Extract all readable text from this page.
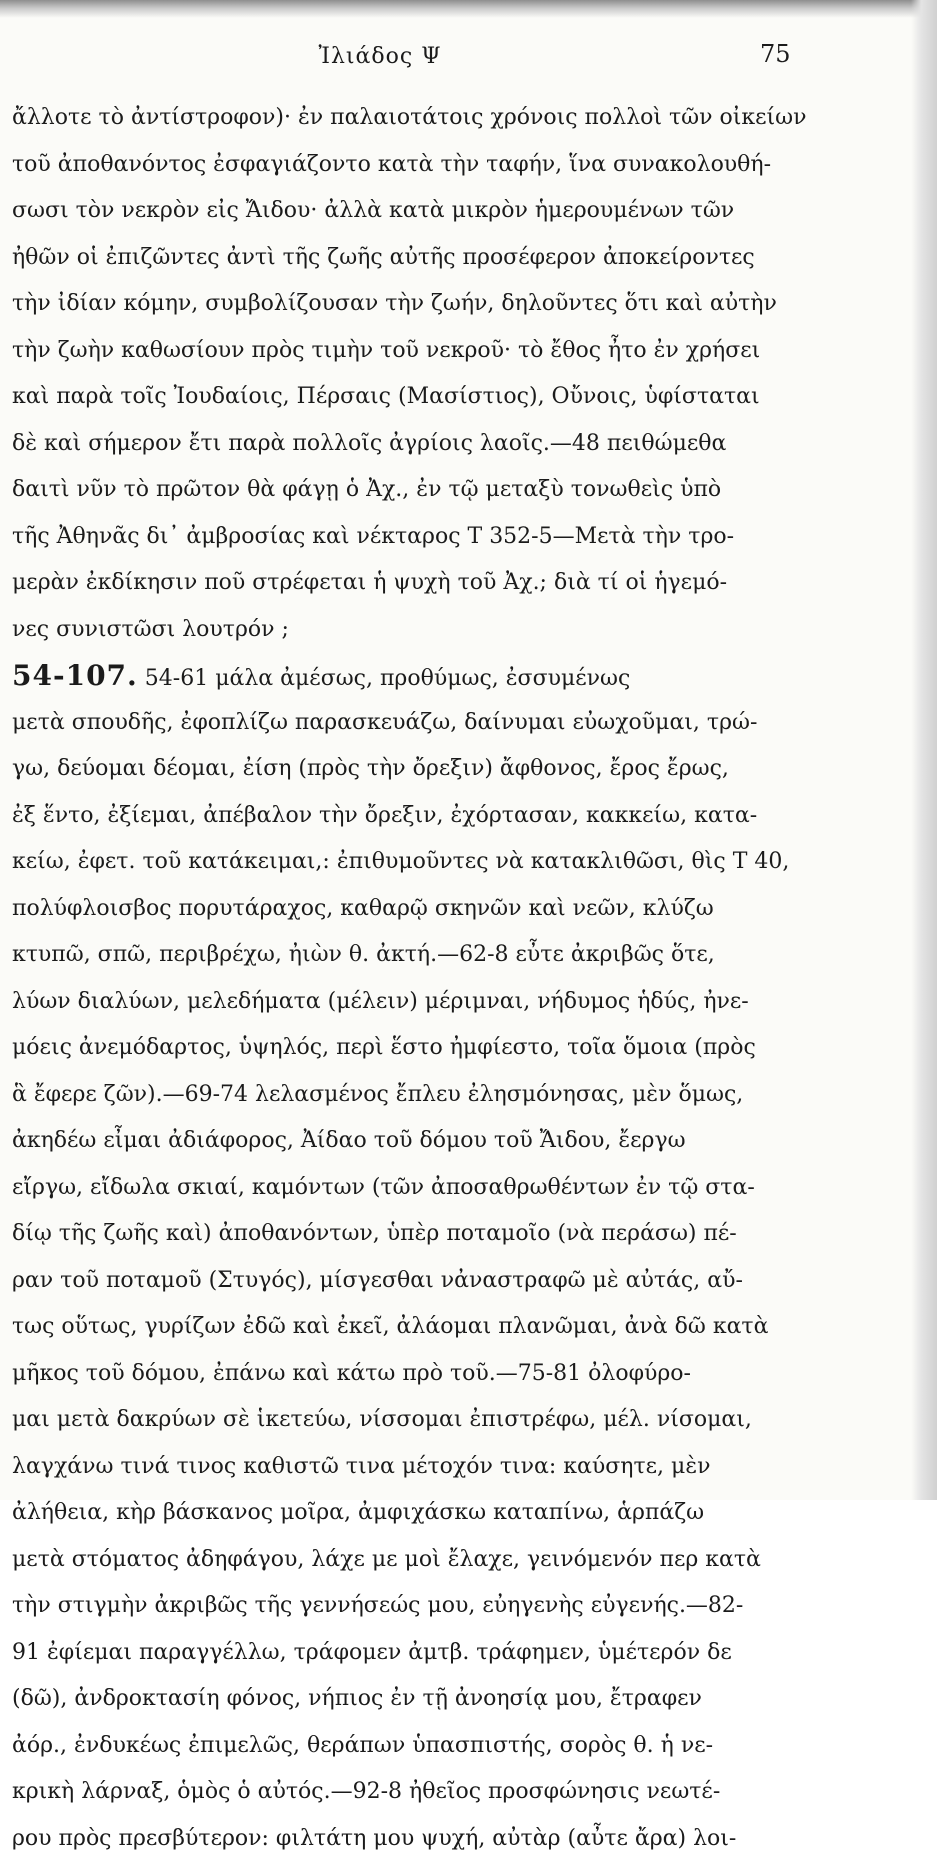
Ἰλιάδος Ψ	75
ἄλλοτε τὸ ἀντίστροφον)· ἐν παλαιοτάτοις χρόνοις πολλοὶ τῶν οἰκείων
τοῦ ἀποθανόντος ἐσφαγιάζοντο κατὰ τὴν ταφήν, ἵνα συνακολουθή-
σωσι τὸν νεκρὸν εἰς Ἄιδου· ἀλλὰ κατὰ μικρὸν ἡμερουμένων τῶν
ἠθῶν οἱ ἐπιζῶντες ἀντὶ τῆς ζωῆς αὐτῆς προσέφερον ἀποκείροντες
τὴν ἰδίαν κόμην, συμβολίζουσαν τὴν ζωήν, δηλοῦντες ὅτι καὶ αὐτὴν
τὴν ζωὴν καθωσίουν πρὸς τιμὴν τοῦ νεκροῦ· τὸ ἔθος ἦτο ἐν χρήσει
καὶ παρὰ τοῖς Ἰουδαίοις, Πέρσαις (Μασίστιος), Οὔνοις, ὑφίσταται
δὲ καὶ σήμερον ἔτι παρὰ πολλοῖς ἀγρίοις λαοῖς.—48 πειθώμεθα
δαιτὶ νῦν τὸ πρῶτον θὰ φάγῃ ὁ Ἀχ., ἐν τῷ μεταξὺ τονωθεὶς ὑπὸ
τῆς Ἀθηνᾶς δι᾽ ἀμβροσίας καὶ νέκταρος Τ 352-5—Μετὰ τὴν τρο-
μερὰν ἐκδίκησιν ποῦ στρέφεται ἡ ψυχὴ τοῦ Ἀχ.; διὰ τί οἱ ἡγεμό-
νες συνιστῶσι λουτρόν ;
54-107. 54-61 μάλα ἀμέσως, προθύμως, ἐσσυμένως
μετὰ σπουδῆς, ἐφοπλίζω παρασκευάζω, δαίνυμαι εὐωχοῦμαι, τρώ-
γω, δεύομαι δέομαι, ἐίση (πρὸς τὴν ὄρεξιν) ἄφθονος, ἔρος ἔρως,
ἐξ ἕντο, ἐξίεμαι, ἀπέβαλον τὴν ὄρεξιν, ἐχόρτασαν, κακκείω, κατα-
κείω, ἐφετ. τοῦ κατάκειμαι,: ἐπιθυμοῦντες νὰ κατακλιθῶσι, θὶς Τ 40,
πολύφλοισβος πορυτάραχος, καθαρῷ σκηνῶν καὶ νεῶν, κλύζω
κτυπῶ, σπῶ, περιβρέχω, ἠιὼν θ. ἀκτή.—62-8 εὖτε ἀκριβῶς ὅτε,
λύων διαλύων, μελεδήματα (μέλειν) μέριμναι, νήδυμος ἡδύς, ἠνε-
μόεις ἀνεμόδαρτος, ὑψηλός, περὶ ἕστο ἠμφίεστο, τοῖα ὅμοια (πρὸς
ἃ ἔφερε ζῶν).—69-74 λελασμένος ἔπλευ ἐλησμόνησας, μὲν ὅμως,
ἀκηδέω εἶμαι ἀδιάφορος, Ἀίδαο τοῦ δόμου τοῦ Ἄιδου, ἔεργω
εἴργω, εἴδωλα σκιαί, καμόντων (τῶν ἀποσαθρωθέντων ἐν τῷ στα-
δίῳ τῆς ζωῆς καὶ) ἀποθανόντων, ὑπὲρ ποταμοῖο (νὰ περάσω) πέ-
ραν τοῦ ποταμοῦ (Στυγός), μίσγεσθαι νἀναστραφῶ μὲ αὐτάς, αὔ-
τως οὕτως, γυρίζων ἐδῶ καὶ ἐκεῖ, ἀλάομαι πλανῶμαι, ἀνὰ δῶ κατὰ
μῆκος τοῦ δόμου, ἐπάνω καὶ κάτω πρὸ τοῦ.—75-81 ὀλοφύρο-
μαι μετὰ δακρύων σὲ ἱκετεύω, νίσσομαι ἐπιστρέφω, μέλ. νίσομαι,
λαγχάνω τινά τινος καθιστῶ τινα μέτοχόν τινα: καύσητε, μὲν
ἀλήθεια, κὴρ βάσκανος μοῖρα, ἀμφιχάσκω καταπίνω, ἁρπάζω
μετὰ στόματος ἀδηφάγου, λάχε με μοὶ ἔλαχε, γεινόμενόν περ κατὰ
τὴν στιγμὴν ἀκριβῶς τῆς γεννήσεώς μου, εὐηγενὴς εὐγενής.—82-
91 ἐφίεμαι παραγγέλλω, τράφομεν ἀμτβ. τράφημεν, ὑμέτερόν δε
(δῶ), ἀνδροκτασίη φόνος, νήπιος ἐν τῇ ἀνοησίᾳ μου, ἔτραφεν
ἀόρ., ἐνδυκέως ἐπιμελῶς, θεράπων ὑπασπιστής, σορὸς θ. ἡ νε-
κρικὴ λάρναξ, ὁμὸς ὁ αὐτός.—92-8 ἠθεῖος προσφώνησις νεωτέ-
ρου πρὸς πρεσβύτερον: φιλτάτη μου ψυχή, αὐτὰρ (αὖτε ἄρα) λοι-
